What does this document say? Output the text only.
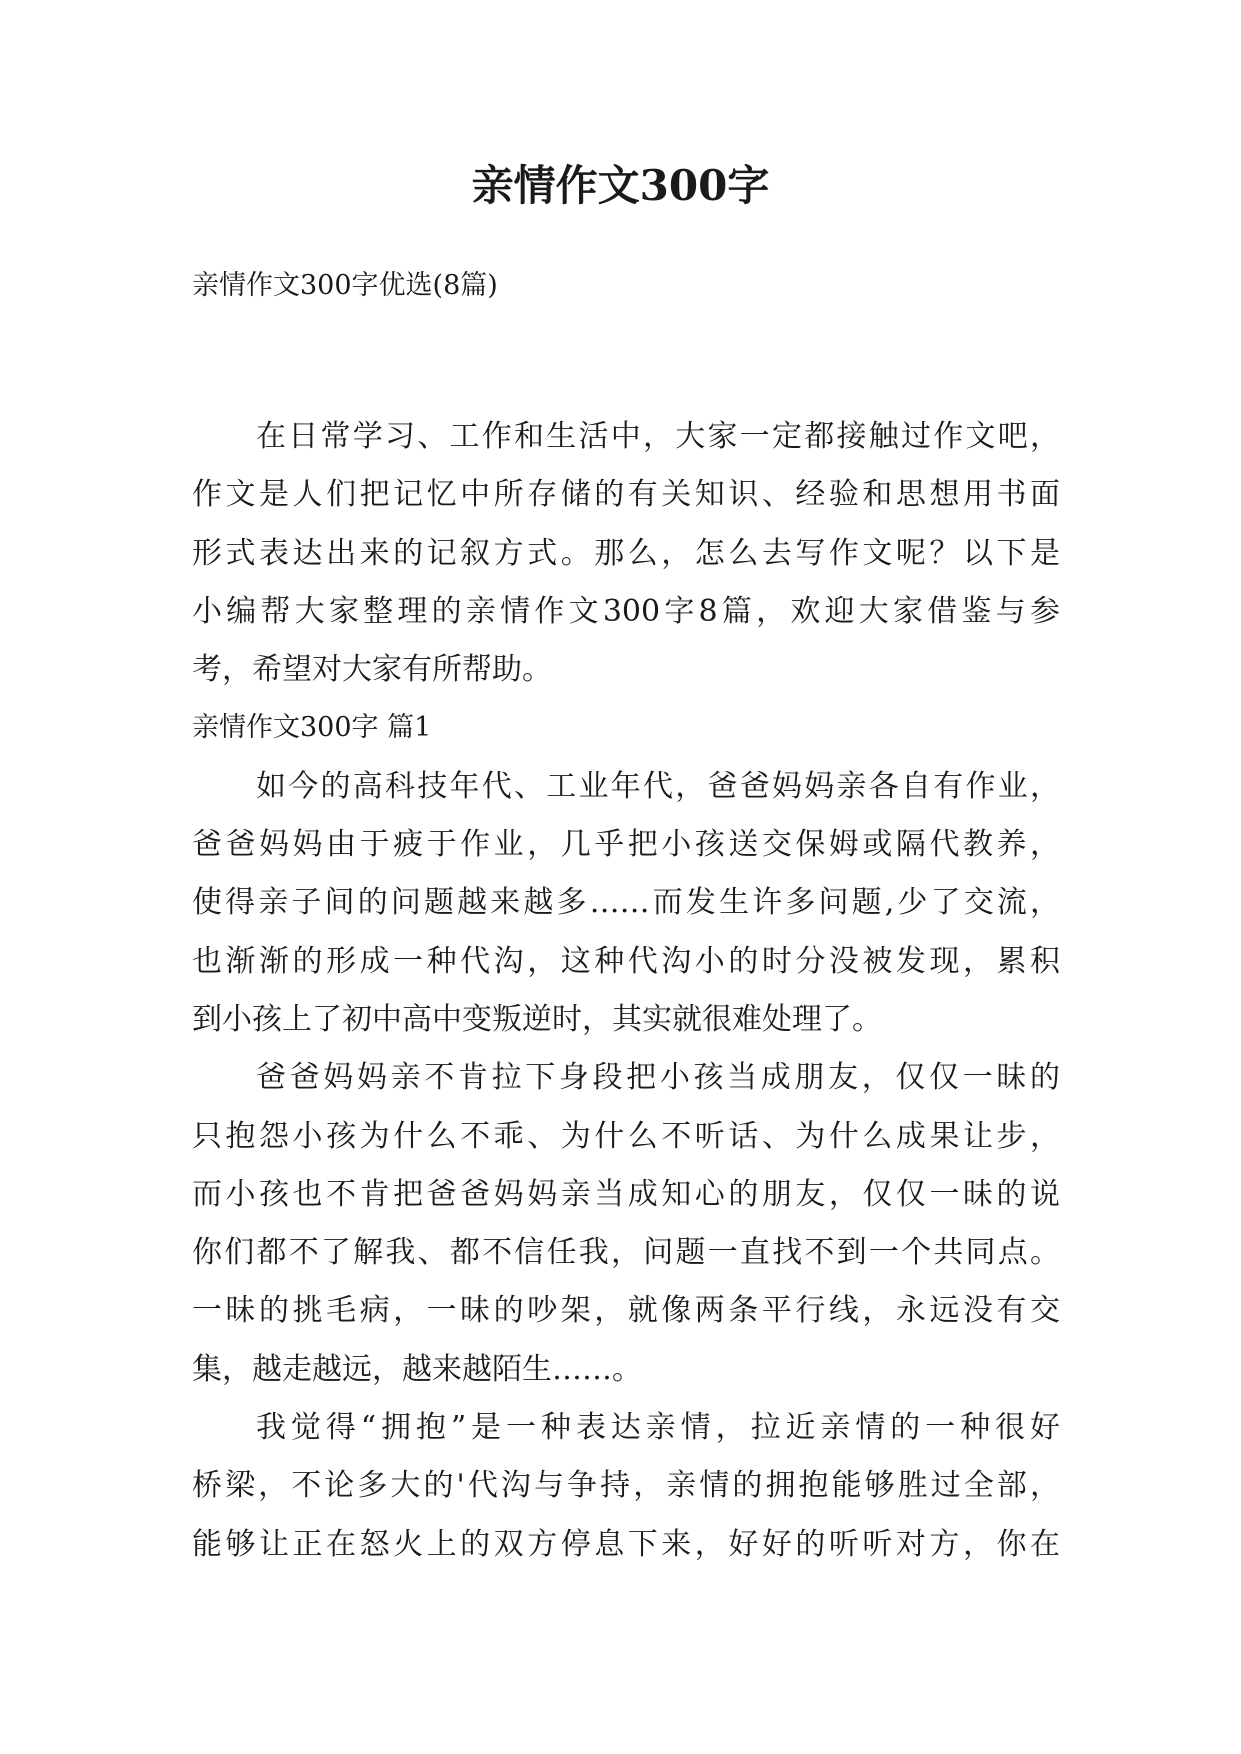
亲情作文300字

亲情作文300字优选(8篇)

在日常学习、工作和生活中，大家一定都接触过作文吧，
作文是人们把记忆中所存储的有关知识、经验和思想用书面
形式表达出来的记叙方式。那么，怎么去写作文呢？以下是
小编帮大家整理的亲情作文300字8篇，欢迎大家借鉴与参
考，希望对大家有所帮助。
亲情作文300字 篇1
如今的高科技年代、工业年代，爸爸妈妈亲各自有作业，
爸爸妈妈由于疲于作业，几乎把小孩送交保姆或隔代教养，
使得亲子间的问题越来越多……而发生许多问题,少了交流，
也渐渐的形成一种代沟，这种代沟小的时分没被发现，累积
到小孩上了初中高中变叛逆时，其实就很难处理了。
爸爸妈妈亲不肯拉下身段把小孩当成朋友，仅仅一昧的
只抱怨小孩为什么不乖、为什么不听话、为什么成果让步，
而小孩也不肯把爸爸妈妈亲当成知心的朋友，仅仅一昧的说
你们都不了解我、都不信任我，问题一直找不到一个共同点。
一昧的挑毛病，一昧的吵架，就像两条平行线，永远没有交
集，越走越远，越来越陌生……。
我觉得“拥抱”是一种表达亲情，拉近亲情的一种很好
桥梁，不论多大的'代沟与争持，亲情的拥抱能够胜过全部，
能够让正在怒火上的双方停息下来，好好的听听对方，你在
